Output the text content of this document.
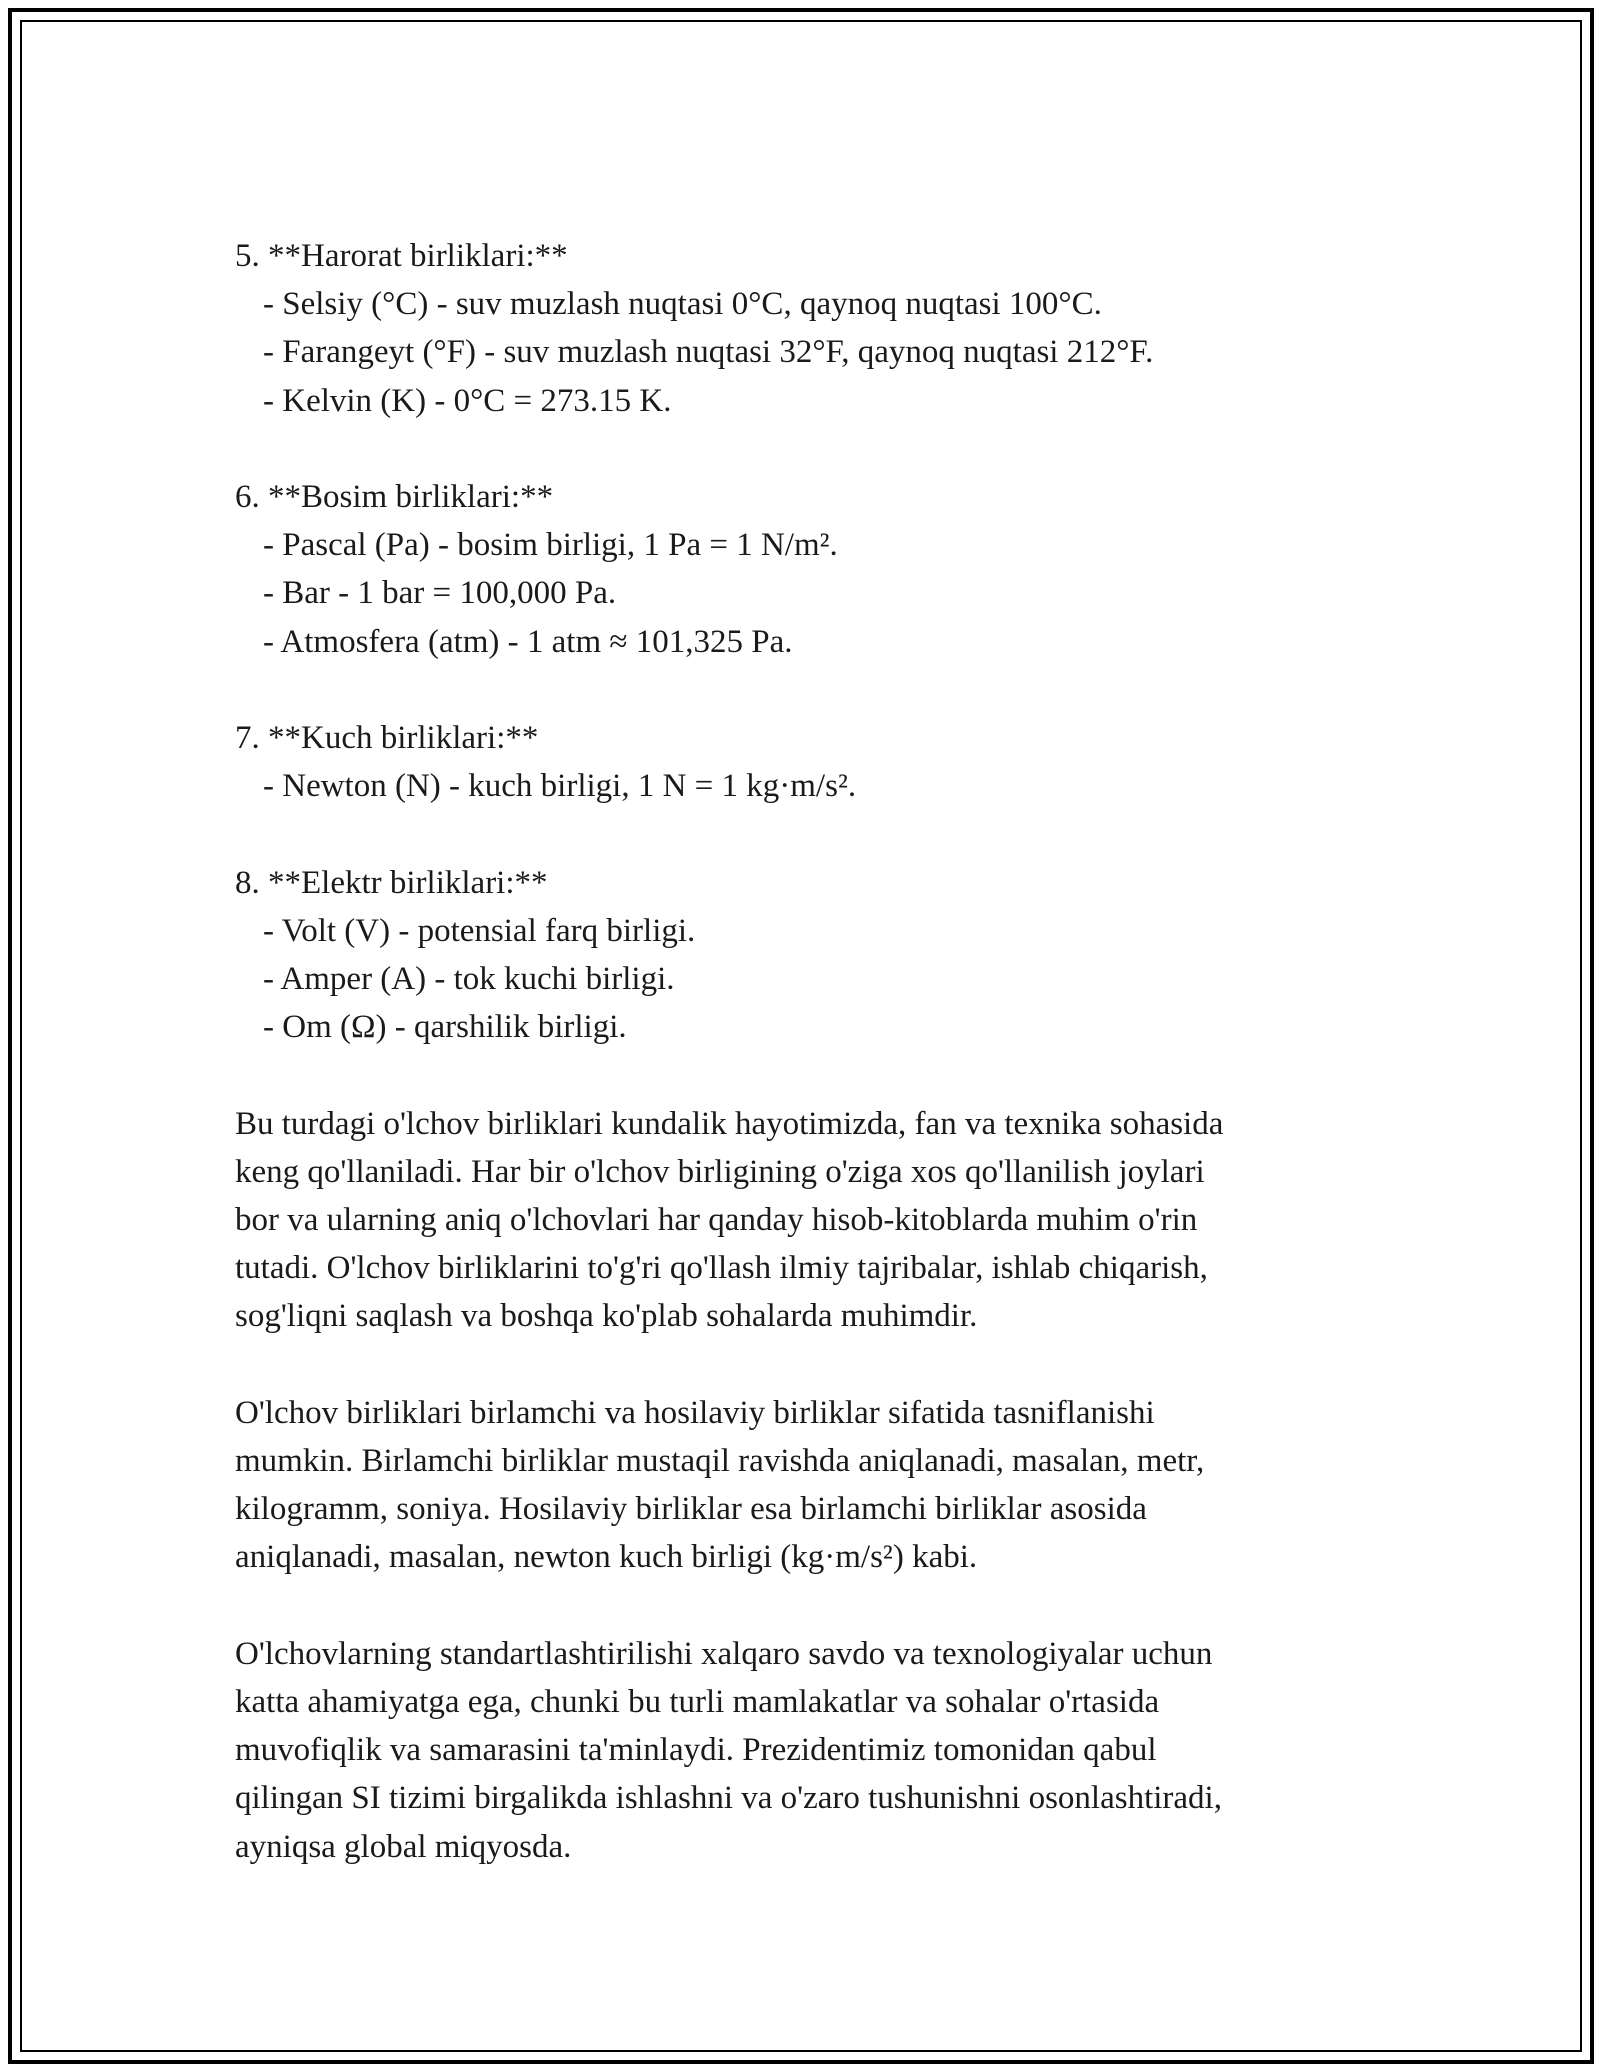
5. **Harorat birliklari:**
- Selsiy (°C) - suv muzlash nuqtasi 0°C, qaynoq nuqtasi 100°C.
- Farangeyt (°F) - suv muzlash nuqtasi 32°F, qaynoq nuqtasi 212°F.
- Kelvin (K) - 0°C = 273.15 K.
6. **Bosim birliklari:**
- Pascal (Pa) - bosim birligi, 1 Pa = 1 N/m².
- Bar - 1 bar = 100,000 Pa.
- Atmosfera (atm) - 1 atm ≈ 101,325 Pa.
7. **Kuch birliklari:**
- Newton (N) - kuch birligi, 1 N = 1 kg·m/s².
8. **Elektr birliklari:**
- Volt (V) - potensial farq birligi.
- Amper (A) - tok kuchi birligi.
- Om (Ω) - qarshilik birligi.
Bu turdagi o'lchov birliklari kundalik hayotimizda, fan va texnika sohasida
keng qo'llaniladi. Har bir o'lchov birligining o'ziga xos qo'llanilish joylari
bor va ularning aniq o'lchovlari har qanday hisob-kitoblarda muhim o'rin
tutadi. O'lchov birliklarini to'g'ri qo'llash ilmiy tajribalar, ishlab chiqarish,
sog'liqni saqlash va boshqa ko'plab sohalarda muhimdir.
O'lchov birliklari birlamchi va hosilaviy birliklar sifatida tasniflanishi
mumkin. Birlamchi birliklar mustaqil ravishda aniqlanadi, masalan, metr,
kilogramm, soniya. Hosilaviy birliklar esa birlamchi birliklar asosida
aniqlanadi, masalan, newton kuch birligi (kg·m/s²) kabi.
O'lchovlarning standartlashtirilishi xalqaro savdo va texnologiyalar uchun
katta ahamiyatga ega, chunki bu turli mamlakatlar va sohalar o'rtasida
muvofiqlik va samarasini ta'minlaydi. Prezidentimiz tomonidan qabul
qilingan SI tizimi birgalikda ishlashni va o'zaro tushunishni osonlashtiradi,
ayniqsa global miqyosda.
